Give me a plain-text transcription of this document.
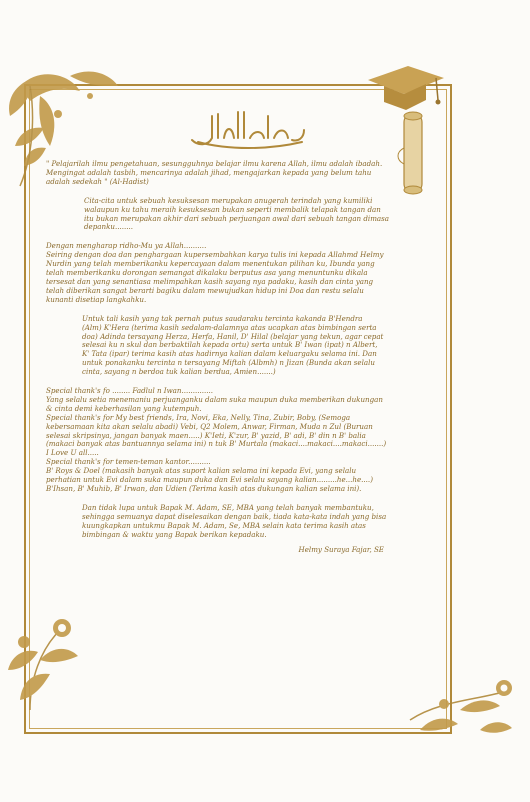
" Pelajarilah ilmu pengetahuan, sesungguhnya belajar ilmu karena Allah, ilmu adalah ibadah.
Mengingat adalah tasbih, mencarinya adalah jihad, mengajarkan kepada yang belum tahu
adalah sedekah " (Al-Hadist)
Cita-cita untuk sebuah kesuksesan merupakan anugerah terindah yang kumiliki
walaupun ku tahu meraih kesuksesan bukan seperti membalik telapak tangan dan
itu bukan merupakan akhir dari sebuah perjuangan awal dari sebuah tangan dimasa
depanku........
Dengan mengharap ridho-Mu ya Allah..........
Seiring dengan doa dan penghargaan kupersembahkan karya tulis ini kepada Allahmd Helmy
Nurdin yang telah memberikanku kepercayaan dalam menentukan pilihan ku, Ibunda yang
telah memberikanku dorongan semangat dikalaku berputus asa yang menuntunku dikala
tersesat dan yang senantiasa melimpahkan kasih sayang nya padaku, kasih dan cinta yang
telah diberikan sangat berarti bagiku dalam mewujudkan hidup ini Doa dan restu selalu
kunanti disetiap langkahku.
Untuk tali kasih yang tak pernah putus saudaraku tercinta kakanda B'Hendra
(Alm) K'Hera (terima kasih sedalam-dalamnya atas ucapkan atas bimbingan serta
doa) Adinda tersayang Herza, Herfa, Hanil, D' Hilal (belajar yang tekun, agar cepat
selesai ku n skul dan berbaktilah kepada ortu) serta untuk B' Iwan (ipat) n Albert,
K' Tata (ipar) terima kasih atas hadirnya kalian dalam keluargaku selama ini. Dan
untuk ponakanku tercinta n tersayang Miftah (Albmh) n Jizan (Bunda akan selalu
cinta, sayang n berdoa tuk kalian berdua, Amien.......)
Special thank's fo ........ Fadlul n Iwan..............
Yang selalu setia menemaniu perjuanganku dalam suka maupun duka memberikan dukungan
& cinta demi keberhasilan yang kutempuh.
Special thank's for My best friends, Ira, Novi, Eka, Nelly, Tina, Zubir, Boby, (Semoga
kebersamaan kita akan selalu abadi) Vebi, Q2 Molem, Anwar, Firman, Muda n Zul (Buruan
selesai skripsinya, jangan banyak maen.....) K'Ieti, K'zur, B' yazid, B' adi, B' din n B' balia
(makaci banyak atas bantuannya selama ini) n tuk B' Murtala (makaci....makaci....makaci.......)
I Love U all.....
Special thank's for temen-teman kantor..........
B' Roys & Doel (makasih banyak atas suport kalian selama ini kepada Evi, yang selalu
perhatian untuk Evi dalam suka maupun duka dan Evi selalu sayang kalian.........he...he....)
B'Ihsan, B' Muhib, B' Irwan, dan Udien (Terima kasih atas dukungan kalian selama ini).
Dan tidak lupa untuk Bapak M. Adam, SE, MBA yang telah banyak membantuku,
sehingga semuanya dapat diselesaikan dengan baik, tiada kata-kata indah yang bisa
kuungkapkan untukmu Bapak M. Adam, Se, MBA selain kata terima kasih atas
bimbingan & waktu yang Bapak berikan kepadaku.
Helmy Suraya Fajar, SE
